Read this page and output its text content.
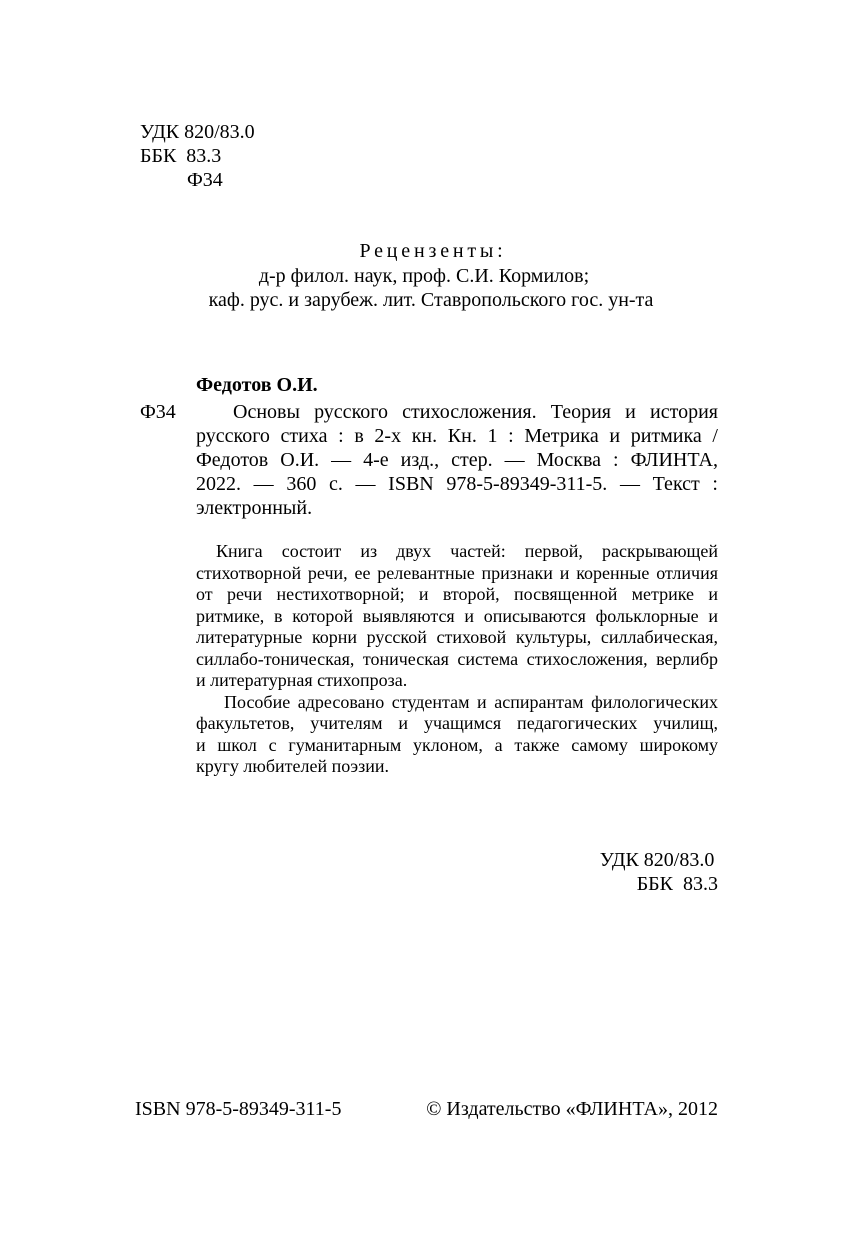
УДК 820/83.0
ББК  83.3
Ф34
Рецензенты:
д-р филол. наук, проф. С.И. Кормилов;
каф. рус. и зарубеж. лит. Ставропольского гос. ун-та
Федотов О.И.
Ф34	Основы русского стихосложения. Теория и история
русского стиха : в 2-х кн. Кн. 1 : Метрика и ритмика /
Федотов О.И. — 4-е изд., стер. — Москва : ФЛИНТА,
2022. — 360 с. — ISBN 978-5-89349-311-5. — Текст :
электронный.
Книга состоит из двух частей: первой, раскрывающей
стихотворной речи, ее релевантные признаки и коренные отличия
от речи нестихотворной; и второй, посвященной метрике и
ритмике, в которой выявляются и описываются фольклорные и
литературные корни русской стиховой культуры, силлабическая,
силлабо-тоническая, тоническая система стихосложения, верлибр
и литературная стихопроза.
Пособие адресовано студентам и аспирантам филологических
факультетов, учителям и учащимся педагогических училищ,
и школ с гуманитарным уклоном, а также самому широкому
кругу любителей поэзии.
УДК 820/83.0
ББК  83.3
ISBN 978-5-89349-311-5	© Издательство «ФЛИНТА», 2012
